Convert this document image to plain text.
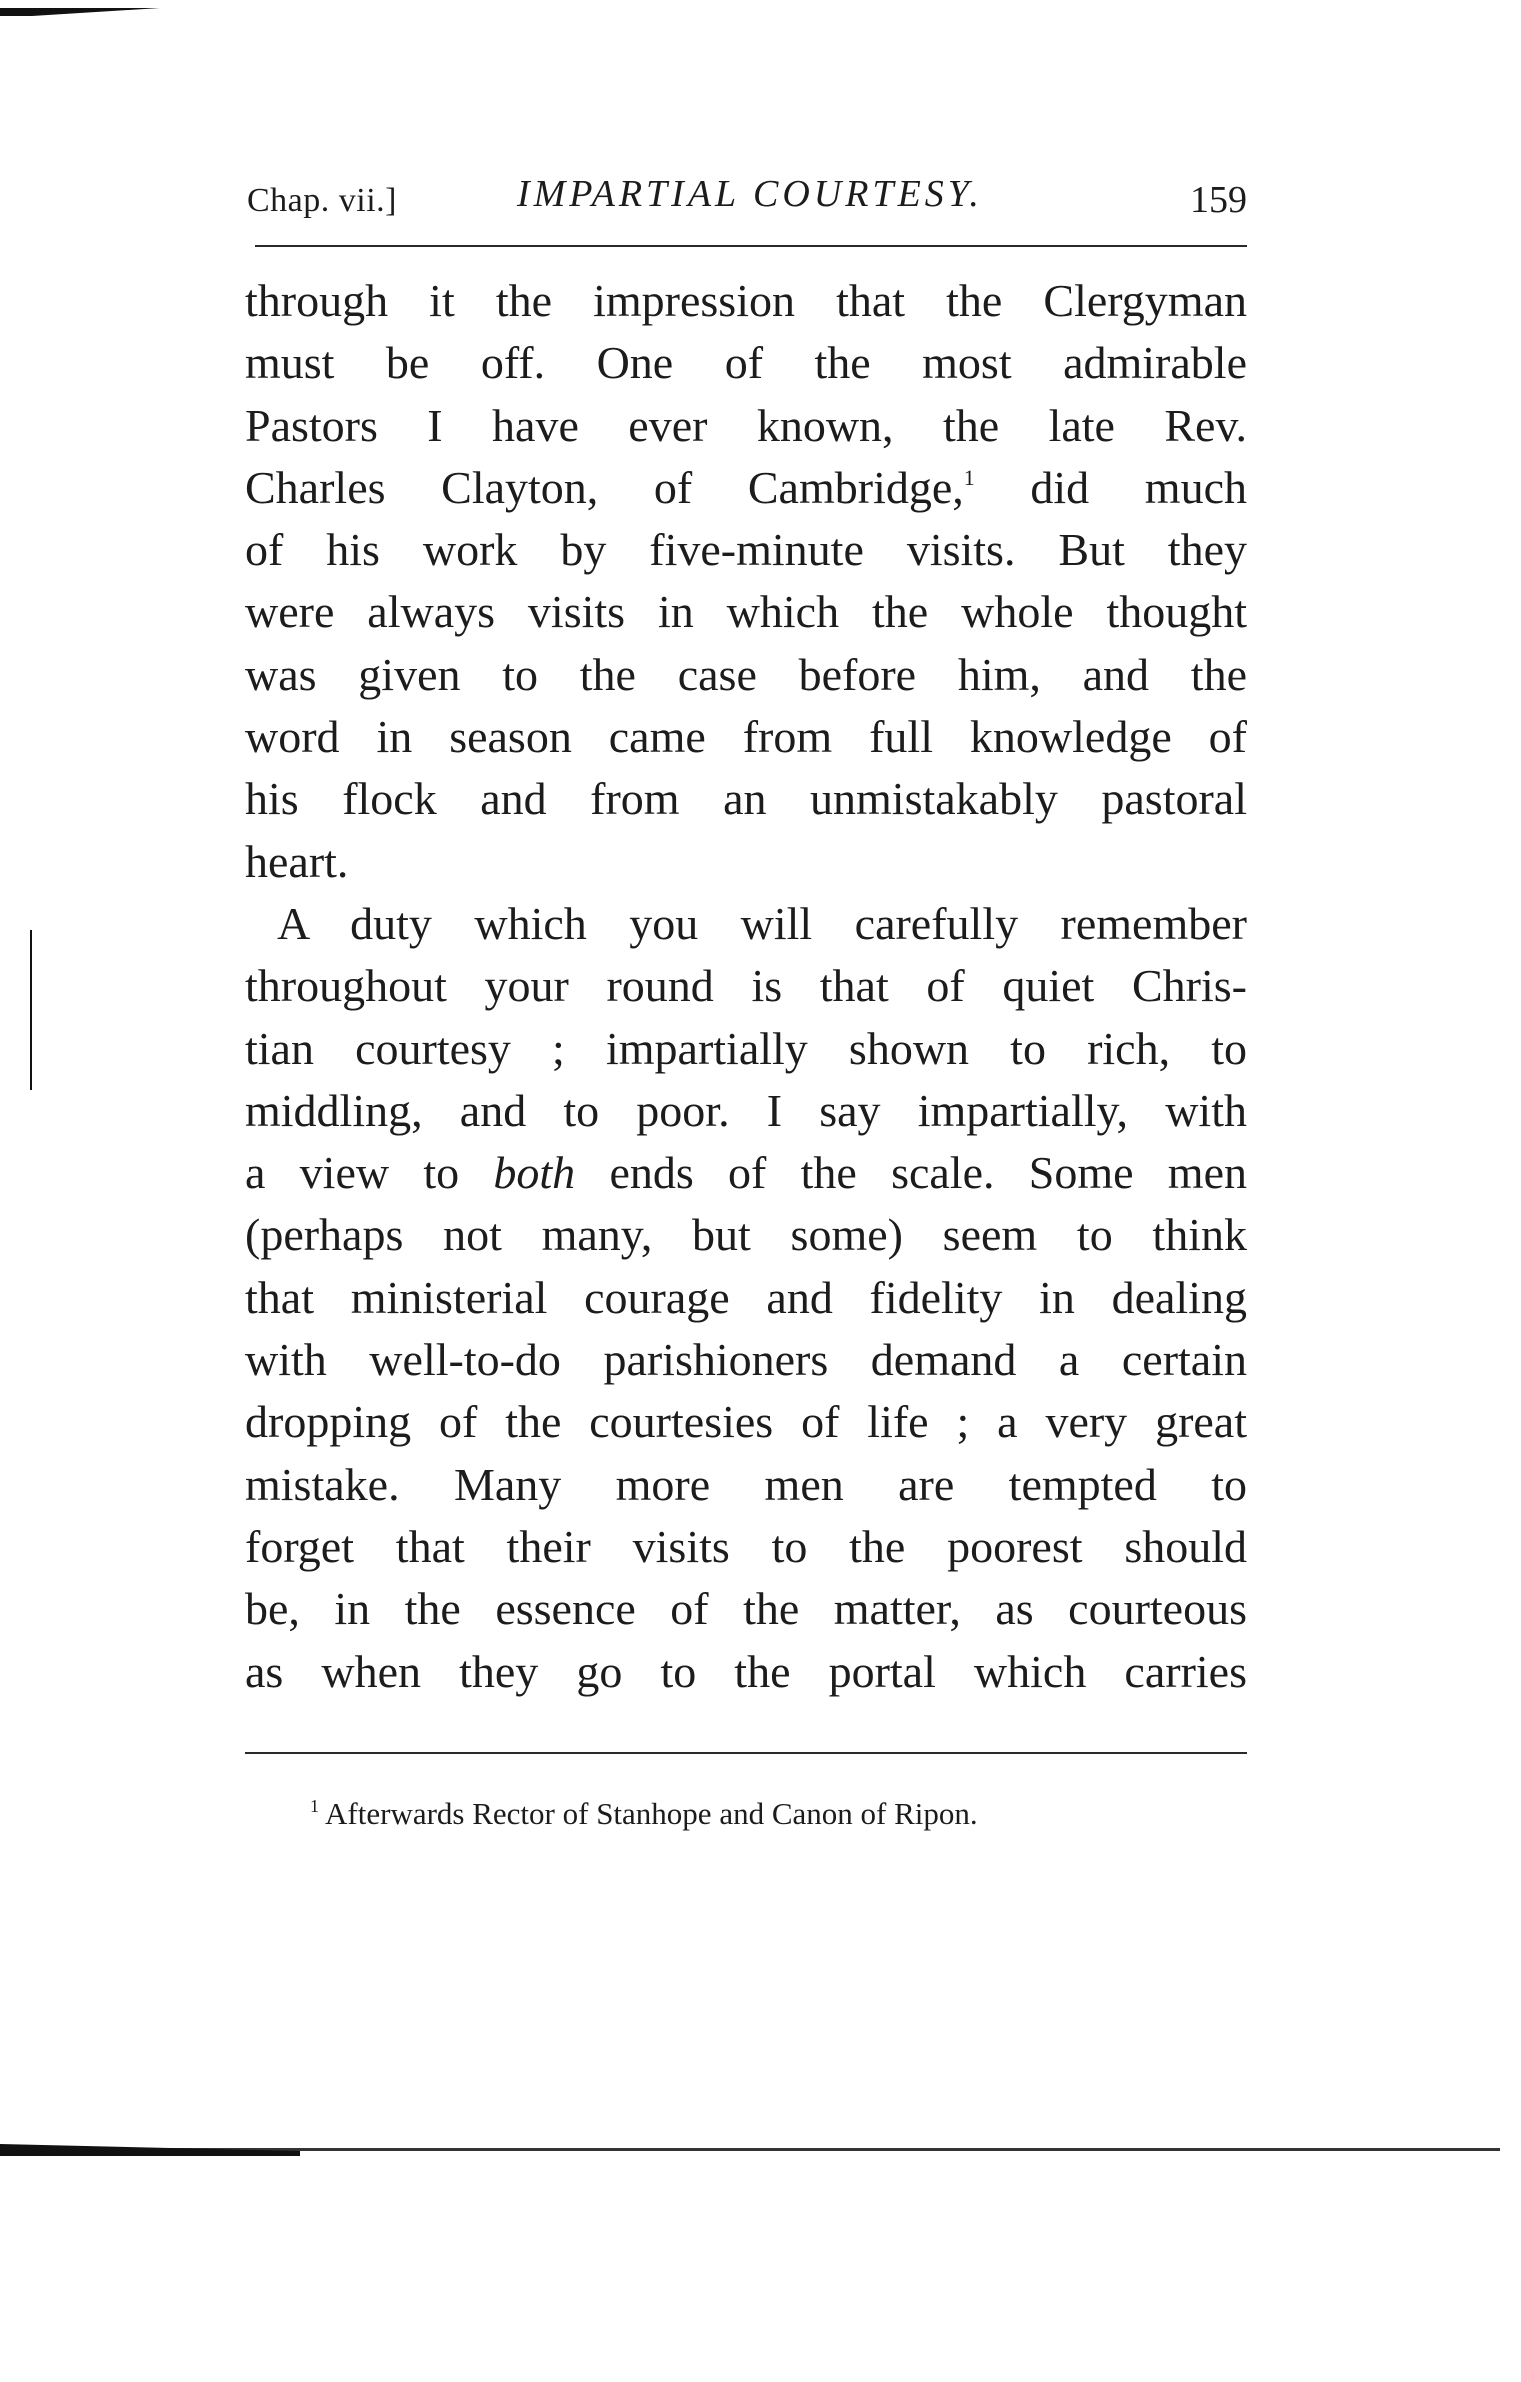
Chap. vii.]	IMPARTIAL COURTESY.	159
through it the impression that the Clergyman
must be off. One of the most admirable
Pastors I have ever known, the late Rev.
Charles Clayton, of Cambridge,$^1$ did much
of his work by five-minute visits. But they
were always visits in which the whole thought
was given to the case before him, and the
word in season came from full knowledge of
his flock and from an unmistakably pastoral
heart.
A duty which you will carefully remember
throughout your round is that of quiet Chris-
tian courtesy ; impartially shown to rich, to
middling, and to poor. I say impartially, with
a view to both ends of the scale. Some men
(perhaps not many, but some) seem to think
that ministerial courage and fidelity in dealing
with well-to-do parishioners demand a certain
dropping of the courtesies of life ; a very great
mistake. Many more men are tempted to
forget that their visits to the poorest should
be, in the essence of the matter, as courteous
as when they go to the portal which carries
$^1$ Afterwards Rector of Stanhope and Canon of Ripon.
